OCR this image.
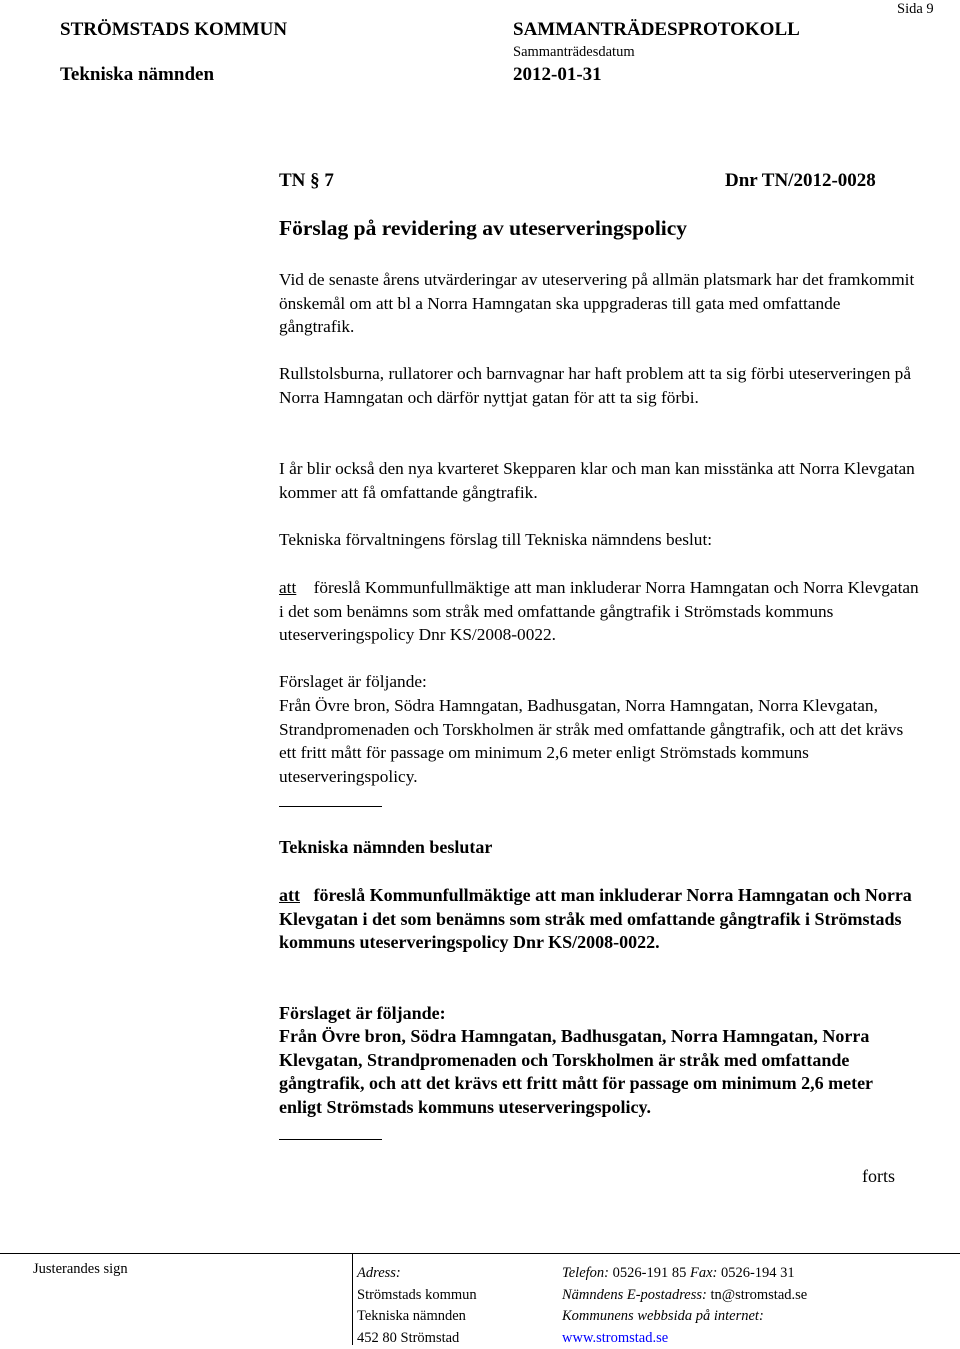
STRÖMSTADS KOMMUN	SAMMANTRÄDESPROTOKOLL
Sida 9
Sammanträdesdatum
Tekniska nämnden	2012-01-31
TN § 7	Dnr TN/2012-0028
Förslag på revidering av uteserveringspolicy
Vid de senaste årens utvärderingar av uteservering på allmän platsmark har det framkommit önskemål om att bl a Norra Hamngatan ska uppgraderas till gata med omfattande gångtrafik.
Rullstolsburna, rullatorer och barnvagnar har haft problem att ta sig förbi uteserveringen på Norra Hamngatan och därför nyttjat gatan för att ta sig förbi.
I år blir också den nya kvarteret Skepparen klar och man kan misstänka att Norra Klevgatan kommer att få omfattande gångtrafik.
Tekniska förvaltningens förslag till Tekniska nämndens beslut:
att föreslå Kommunfullmäktige att man inkluderar Norra Hamngatan och Norra Klevgatan i det som benämns som stråk med omfattande gångtrafik i Strömstads kommuns uteserveringspolicy Dnr KS/2008-0022.
Förslaget är följande:
Från Övre bron, Södra Hamngatan, Badhusgatan, Norra Hamngatan, Norra Klevgatan, Strandpromenaden och Torskholmen är stråk med omfattande gångtrafik, och att det krävs ett fritt mått för passage om minimum 2,6 meter enligt Strömstads kommuns uteserveringspolicy.
Tekniska nämnden beslutar
att föreslå Kommunfullmäktige att man inkluderar Norra Hamngatan och Norra Klevgatan i det som benämns som stråk med omfattande gångtrafik i Strömstads kommuns uteserveringspolicy Dnr KS/2008-0022.
Förslaget är följande:
Från Övre bron, Södra Hamngatan, Badhusgatan, Norra Hamngatan, Norra Klevgatan, Strandpromenaden och Torskholmen är stråk med omfattande gångtrafik, och att det krävs ett fritt mått för passage om minimum 2,6 meter enligt Strömstads kommuns uteserveringspolicy.
forts
Justerandes sign	Adress:
Strömstads kommun
Tekniska nämnden
452 80 Strömstad
Telefon: 0526-191 85 Fax: 0526-194 31
Nämndens E-postadress: tn@stromstad.se
Kommunens webbsida på internet:
www.stromstad.se
